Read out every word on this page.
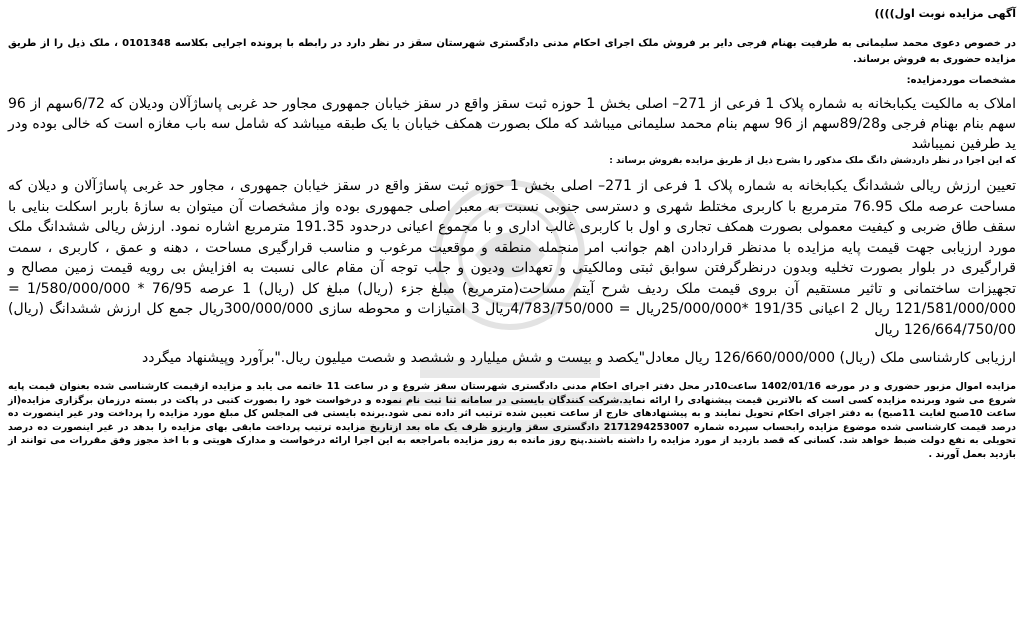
آگهی مزایده نوبت اول))))

در خصوص دعوی محمد سلیمانی به طرفیت بهنام فرجی دایر بر فروش ملک اجرای احکام مدنی دادگستری شهرستان سقز در نظر دارد در رابطه با پرونده اجرایی بکلاسه 0101348 ، ملک ذیل را از طریق مزایده حضوری به فروش برساند.

مشخصات موردمزایده:

املاک به مالکیت یکبابخانه به شماره پلاک 1 فرعی از 271– اصلی بخش 1 حوزه ثبت سقز واقع در سقز خیابان جمهوری مجاور حد غربی پاساژآلان ودیلان که 6/72سهم از 96 سهم بنام بهنام فرجی و89/28سهم از 96 سهم بنام محمد سلیمانی میباشد که ملک بصورت همکف خیابان با یک طبقه میباشد که شامل سه باب مغازه است که خالی بوده ودر ید طرفین نمیباشد

که این اجرا در نظر داردشش دانگ ملک مذکور را بشرح ذیل از طریق مزایده بفروش برساند :

تعیین ارزش ریالی ششدانگ یکبابخانه به شماره پلاک 1 فرعی از 271– اصلی بخش 1 حوزه ثبت سقز واقع در سقز خیابان جمهوری ، مجاور حد غربی پاساژآلان و دیلان که مساحت عرصه ملک 76.95 مترمربع با کاربری مختلط شهری و دسترسی جنوبی نسبت به معبر اصلی جمهوری بوده واز مشخصات آن میتوان به سازهٔ باربر اسکلت بنایی با سقف طاق ضربی و کیفیت معمولی بصورت همکف تجاری و اول با کاربری غالب اداری و با مجموع اعیانی درحدود 191.35 مترمربع اشاره نمود. ارزش ریالی ششدانگ ملک مورد ارزیابی جهت قیمت پایه مزایده با مدنظر قراردادن اهم جوانب امر منجمله منطقه و موقعیت مرغوب و مناسب قرارگیری مساحت ، دهنه و عمق ، کاربری ، سمت قرارگیری در بلوار بصورت تخلیه وبدون درنظرگرفتن سوابق ثبتی ومالکیتی و تعهدات ودیون و جلب توجه آن مقام عالی نسبت به افزایش بی رویه قیمت زمین مصالح و تجهیزات ساختمانی و تاثیر مستقیم آن بروی قیمت ملک ردیف شرح آیتم مساحت(مترمربع) مبلغ جزء (ریال) مبلغ کل (ریال) 1 عرصه 76/95 * 1/580/000/000 = 121/581/000/000 ریال 2 اعیانی 191/35 *25/000/000ریال = 4/783/750/000ریال 3 امتیازات و محوطه سازی 300/000/000ریال جمع کل ارزش ششدانگ (ریال) 126/664/750/00 ریال

ارزیابی کارشناسی ملک (ریال) 126/660/000/000 ریال معادل"یکصد و بیست و شش میلیارد و ششصد و شصت میلیون ریال."برآورد وپیشنهاد میگردد

مزایده اموال مزبور حضوری و در مورخه 1402/01/16 ساعت10در محل دفتر اجرای احکام مدنی دادگستری شهرستان سقز شروع و در ساعت 11 خاتمه می یابد و مزایده ازقیمت کارشناسی شده بعنوان قیمت پایه شروع می شود وبرنده مزایده کسی است که بالاترین قیمت پیشنهادی را ارائه نماید.شرکت کنندگان بایستی در سامانه ثنا ثبت نام نموده و درخواست خود را بصورت کتبی در پاکت در بسته درزمان برگزاری مزایده(از ساعت 10صبح لغایت 11صبح) به دفتر اجرای احکام تحویل نمایند و به پیشنهادهای خارج از ساعت تعیین شده ترتیب اثر داده نمی شود.برنده بایستی فی المجلس کل مبلغ مورد مزایده را پرداخت ودر غیر اینصورت ده درصد قیمت کارشناسی شده موضوع مزایده رابحساب سپرده شماره 2171294253007 دادگستری سقز واریزو ظرف یک ماه بعد ازتاریخ مزایده ترتیب پرداخت مابقی بهای مزایده را بدهد در غیر اینصورت ده درصد تحویلی به نفع دولت ضبط خواهد شد. کسانی که قصد بازدید از مورد مزایده را داشته باشند.پنج روز مانده به روز مزایده بامراجعه به این اجرا ارائه درخواست و مدارک هویتی و با اخذ مجوز وفق مقررات می توانند از بازدید بعمل آورند .
